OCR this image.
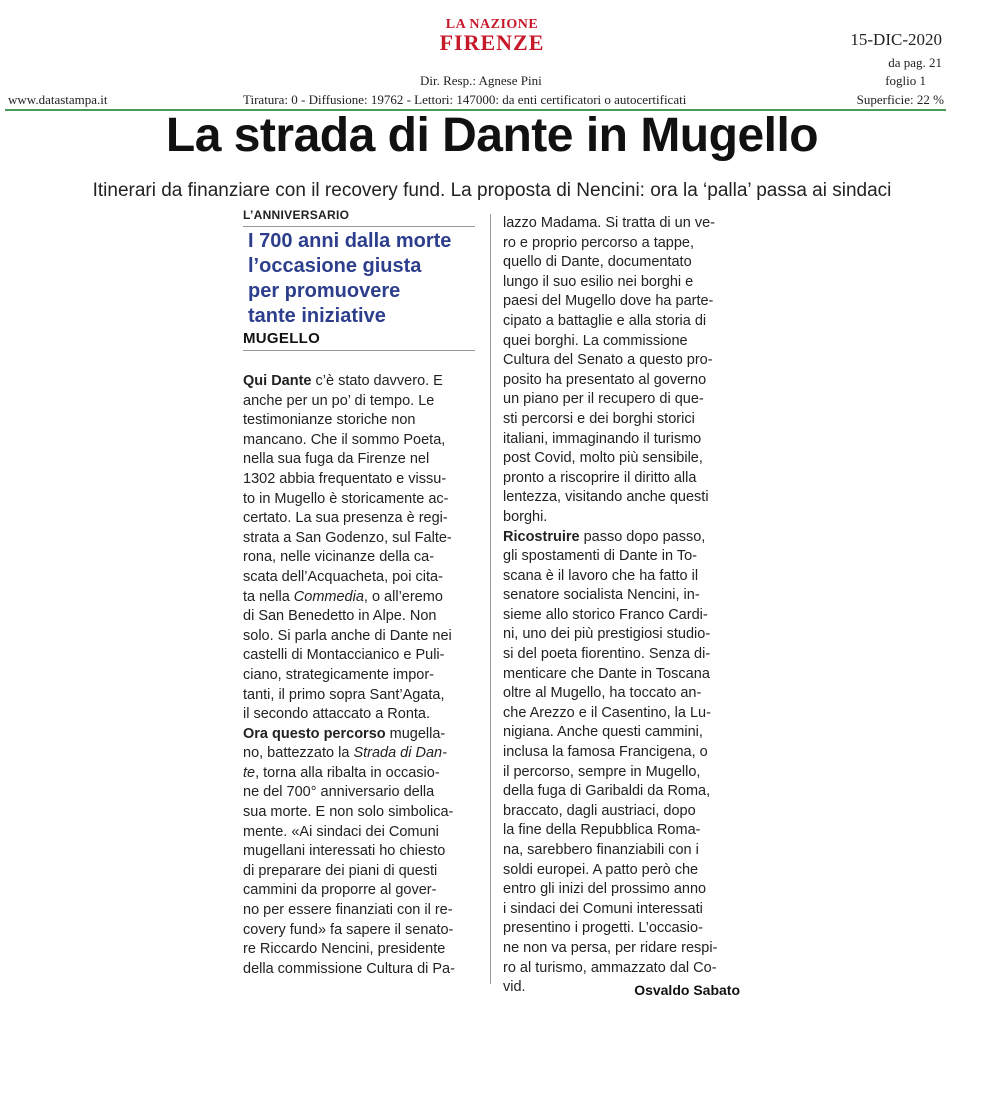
LA NAZIONE
FIRENZE	15-DIC-2020
da pag. 21
foglio 1
Dir. Resp.: Agnese Pini
www.datastampa.it	Tiratura: 0 - Diffusione: 19762 - Lettori: 147000: da enti certificatori o autocertificati	Superficie: 22 %
La strada di Dante in Mugello
Itinerari da finanziare con il recovery fund. La proposta di Nencini: ora la ‘palla’ passa ai sindaci
L’ANNIVERSARIO
I 700 anni dalla morte
l’occasione giusta
per promuovere
tante iniziative
MUGELLO
Qui Dante c’è stato davvero. E
anche per un po’ di tempo. Le
testimonianze storiche non
mancano. Che il sommo Poeta,
nella sua fuga da Firenze nel
1302 abbia frequentato e vissu-
to in Mugello è storicamente ac-
certato. La sua presenza è regi-
strata a San Godenzo, sul Falte-
rona, nelle vicinanze della ca-
scata dell’Acquacheta, poi cita-
ta nella Commedia, o all’eremo
di San Benedetto in Alpe. Non
solo. Si parla anche di Dante nei
castelli di Montaccianico e Puli-
ciano, strategicamente impor-
tanti, il primo sopra Sant’Agata,
il secondo attaccato a Ronta.
Ora questo percorso mugella-
no, battezzato la Strada di Dan-
te, torna alla ribalta in occasio-
ne del 700° anniversario della
sua morte. E non solo simbolica-
mente. «Ai sindaci dei Comuni
mugellani interessati ho chiesto
di preparare dei piani di questi
cammini da proporre al gover-
no per essere finanziati con il re-
covery fund» fa sapere il senato-
re Riccardo Nencini, presidente
della commissione Cultura di Pa-
lazzo Madama. Si tratta di un ve-
ro e proprio percorso a tappe,
quello di Dante, documentato
lungo il suo esilio nei borghi e
paesi del Mugello dove ha parte-
cipato a battaglie e alla storia di
quei borghi. La commissione
Cultura del Senato a questo pro-
posito ha presentato al governo
un piano per il recupero di que-
sti percorsi e dei borghi storici
italiani, immaginando il turismo
post Covid, molto più sensibile,
pronto a riscoprire il diritto alla
lentezza, visitando anche questi
borghi.
Ricostruire passo dopo passo,
gli spostamenti di Dante in To-
scana è il lavoro che ha fatto il
senatore socialista Nencini, in-
sieme allo storico Franco Cardi-
ni, uno dei più prestigiosi studio-
si del poeta fiorentino. Senza di-
menticare che Dante in Toscana
oltre al Mugello, ha toccato an-
che Arezzo e il Casentino, la Lu-
nigiana. Anche questi cammini,
inclusa la famosa Francigena, o
il percorso, sempre in Mugello,
della fuga di Garibaldi da Roma,
braccato, dagli austriaci, dopo
la fine della Repubblica Roma-
na, sarebbero finanziabili con i
soldi europei. A patto però che
entro gli inizi del prossimo anno
i sindaci dei Comuni interessati
presentino i progetti. L’occasio-
ne non va persa, per ridare respi-
ro al turismo, ammazzato dal Co-
vid.	Osvaldo Sabato
